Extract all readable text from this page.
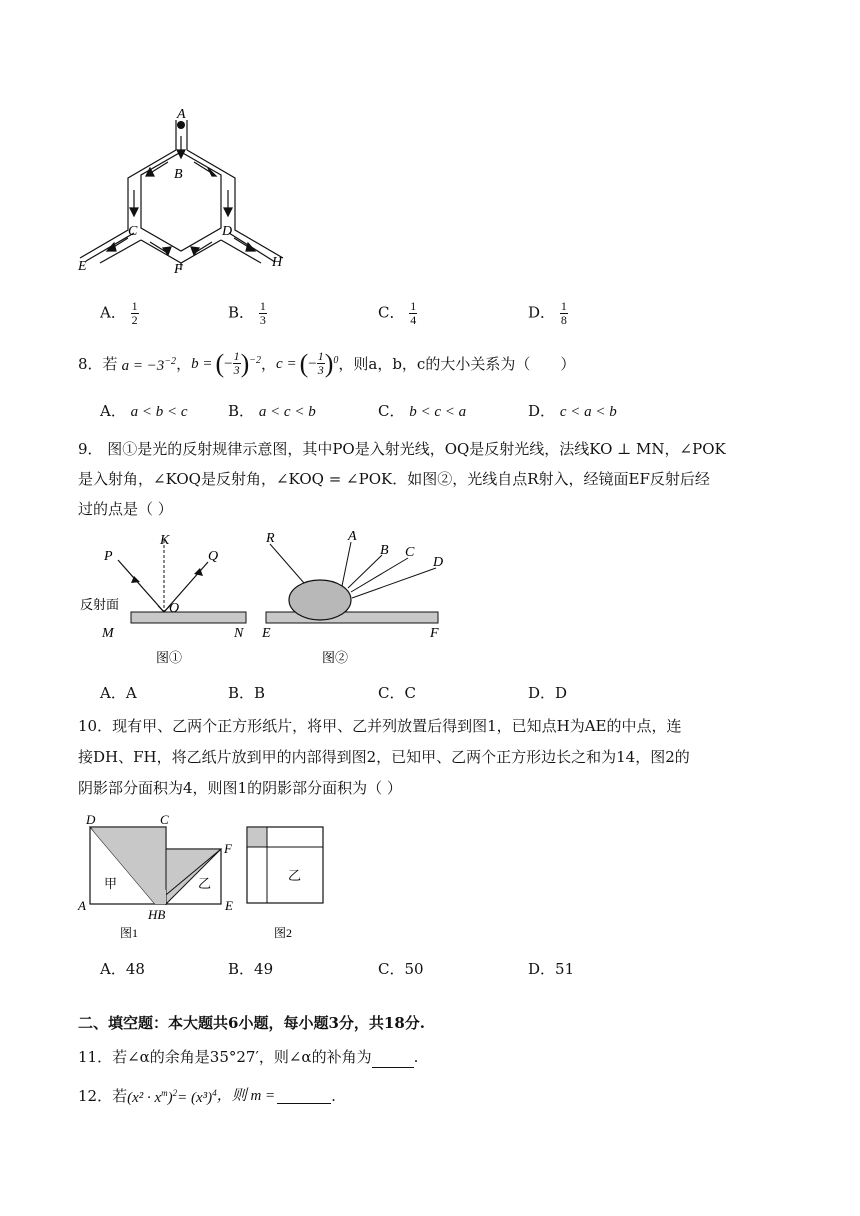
A
B
C	D
E	F	H
A． $\frac{1}{2}$	B． $\frac{1}{3}$	C． $\frac{1}{4}$	D． $\frac{1}{8}$
8． 若 $a = -3^{-2}$ ， b = ( − $\frac{1}{3}$ ) −2 ， c = ( − $\frac{1}{3}$ ) 0 ，则a，b，c的大小关系为（　　）
A． a < b < c	B． a < c < b	C． b < c < a	D． c < a < b
9． 图①是光的反射规律示意图，其中PO是入射光线，OQ是反射光线，法线KO ⊥ MN，∠POK
是入射角，∠KOQ是反射角，∠KOQ = ∠POK．如图②，光线自点R射入，经镜面EF反射后经
过的点是（ ）
P
K
Q
O
反射面
M	N
图①
R	A
B C
D
E	F
图②
A．A	B．B	C．C	D．D
10．现有甲、乙两个正方形纸片，将甲、乙并列放置后得到图1，已知点H为AE的中点，连
接DH、FH，将乙纸片放到甲的内部得到图2，已知甲、乙两个正方形边长之和为14，图2的
阴影部分面积为4，则图1的阴影部分面积为（ ）
D	C
F
A
HB
E
甲	乙
图1
乙
图2
A．48	B．49	C．50	D．51
二、填空题：本大题共6小题，每小题3分，共18分.
11．若∠α的余角是35°27′，则∠α的补角为	.
12．若 $(x^2 \cdot x^m)^2 = (x^3)^4$ ，则 m =	.
